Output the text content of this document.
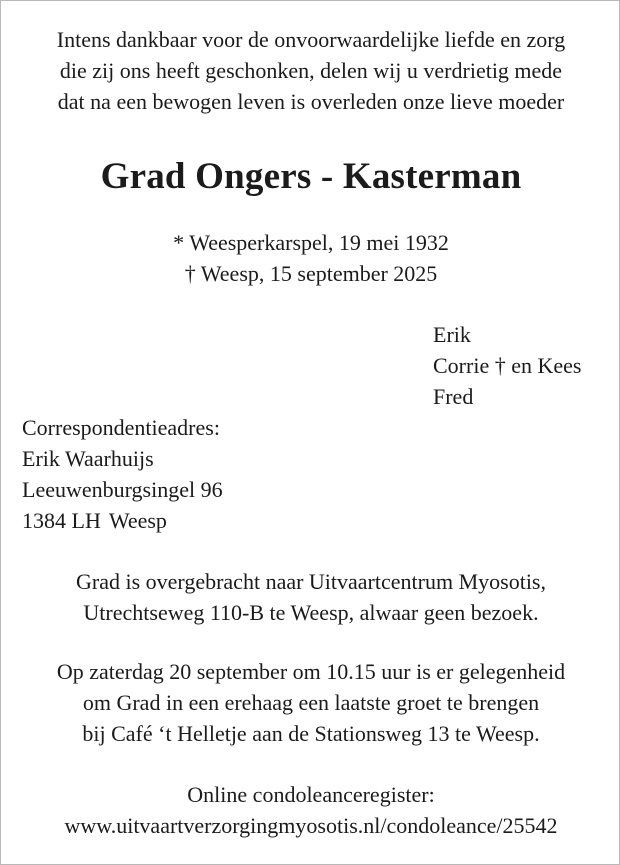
Intens dankbaar voor de onvoorwaardelijke liefde en zorg
die zij ons heeft geschonken, delen wij u verdrietig mede
dat na een bewogen leven is overleden onze lieve moeder
Grad Ongers - Kasterman
* Weesperkarspel, 19 mei 1932
† Weesp, 15 september 2025
Erik
Corrie † en Kees
Fred
Correspondentieadres:
Erik Waarhuijs
Leeuwenburgsingel 96
1384 LH Weesp
Grad is overgebracht naar Uitvaartcentrum Myosotis,
Utrechtseweg 110-B te Weesp, alwaar geen bezoek.
Op zaterdag 20 september om 10.15 uur is er gelegenheid
om Grad in een erehaag een laatste groet te brengen
bij Café ‘t Helletje aan de Stationsweg 13 te Weesp.
Online condoleanceregister:
www.uitvaartverzorgingmyosotis.nl/condoleance/25542
